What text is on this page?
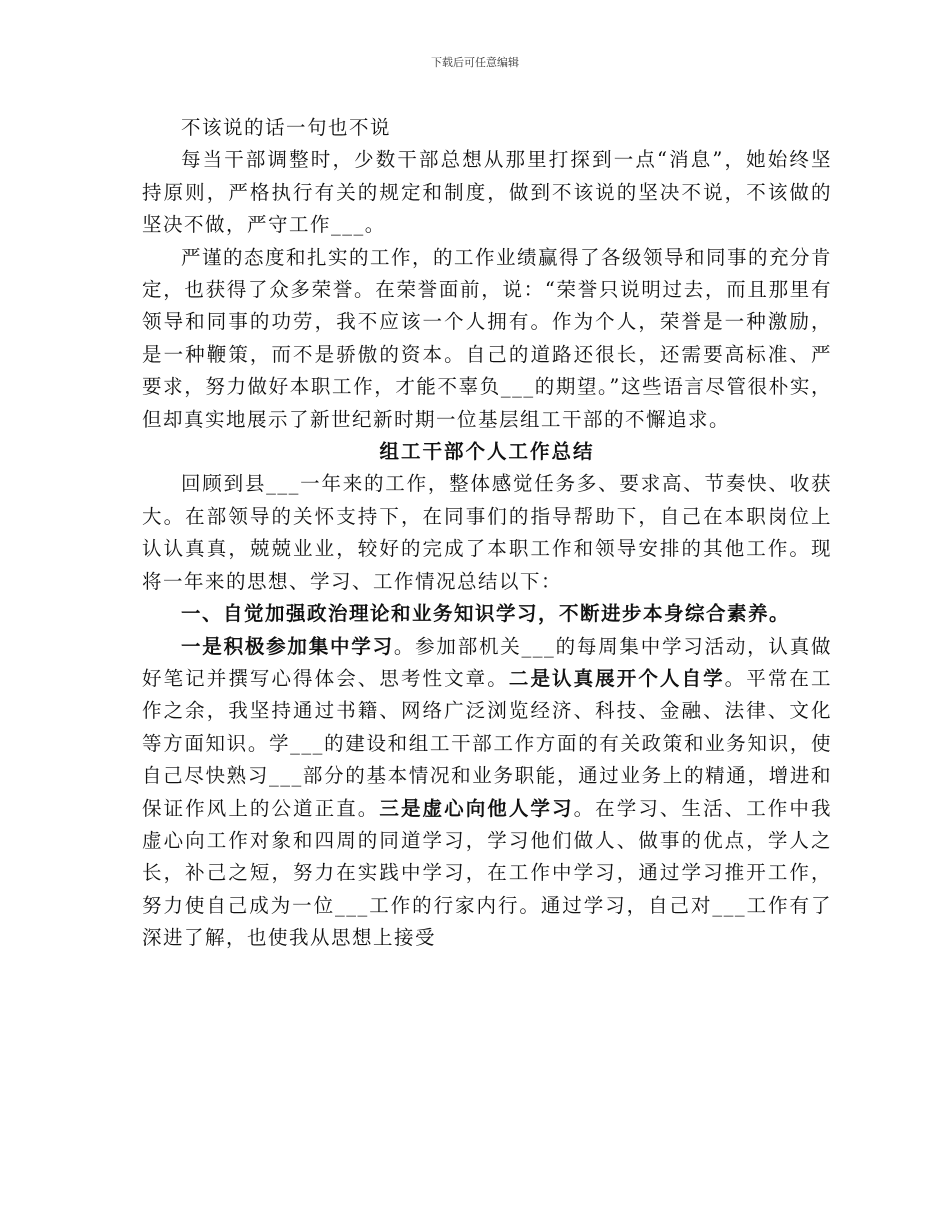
下载后可任意编辑

不该说的话一句也不说

每当干部调整时，少数干部总想从那里打探到一点“消息”，她始终坚持原则，严格执行有关的规定和制度，做到不该说的坚决不说，不该做的坚决不做，严守工作___。

严谨的态度和扎实的工作，的工作业绩赢得了各级领导和同事的充分肯定，也获得了众多荣誉。在荣誉面前，说：“荣誉只说明过去，而且那里有领导和同事的功劳，我不应该一个人拥有。作为个人，荣誉是一种激励，是一种鞭策，而不是骄傲的资本。自己的道路还很长，还需要高标准、严要求，努力做好本职工作，才能不辜负___的期望。”这些语言尽管很朴实，但却真实地展示了新世纪新时期一位基层组工干部的不懈追求。

组工干部个人工作总结

回顾到县___一年来的工作，整体感觉任务多、要求高、节奏快、收获大。在部领导的关怀支持下，在同事们的指导帮助下，自己在本职岗位上认认真真，兢兢业业，较好的完成了本职工作和领导安排的其他工作。现将一年来的思想、学习、工作情况总结以下：

一、自觉加强政治理论和业务知识学习，不断进步本身综合素养。

一是积极参加集中学习。参加部机关___的每周集中学习活动，认真做好笔记并撰写心得体会、思考性文章。二是认真展开个人自学。平常在工作之余，我坚持通过书籍、网络广泛浏览经济、科技、金融、法律、文化等方面知识。学___的建设和组工干部工作方面的有关政策和业务知识，使自己尽快熟习___部分的基本情况和业务职能，通过业务上的精通，增进和保证作风上的公道正直。三是虚心向他人学习。在学习、生活、工作中我虚心向工作对象和四周的同道学习，学习他们做人、做事的优点，学人之长，补己之短，努力在实践中学习，在工作中学习，通过学习推开工作，努力使自己成为一位___工作的行家内行。通过学习，自己对___工作有了深进了解，也使我从思想上接受
